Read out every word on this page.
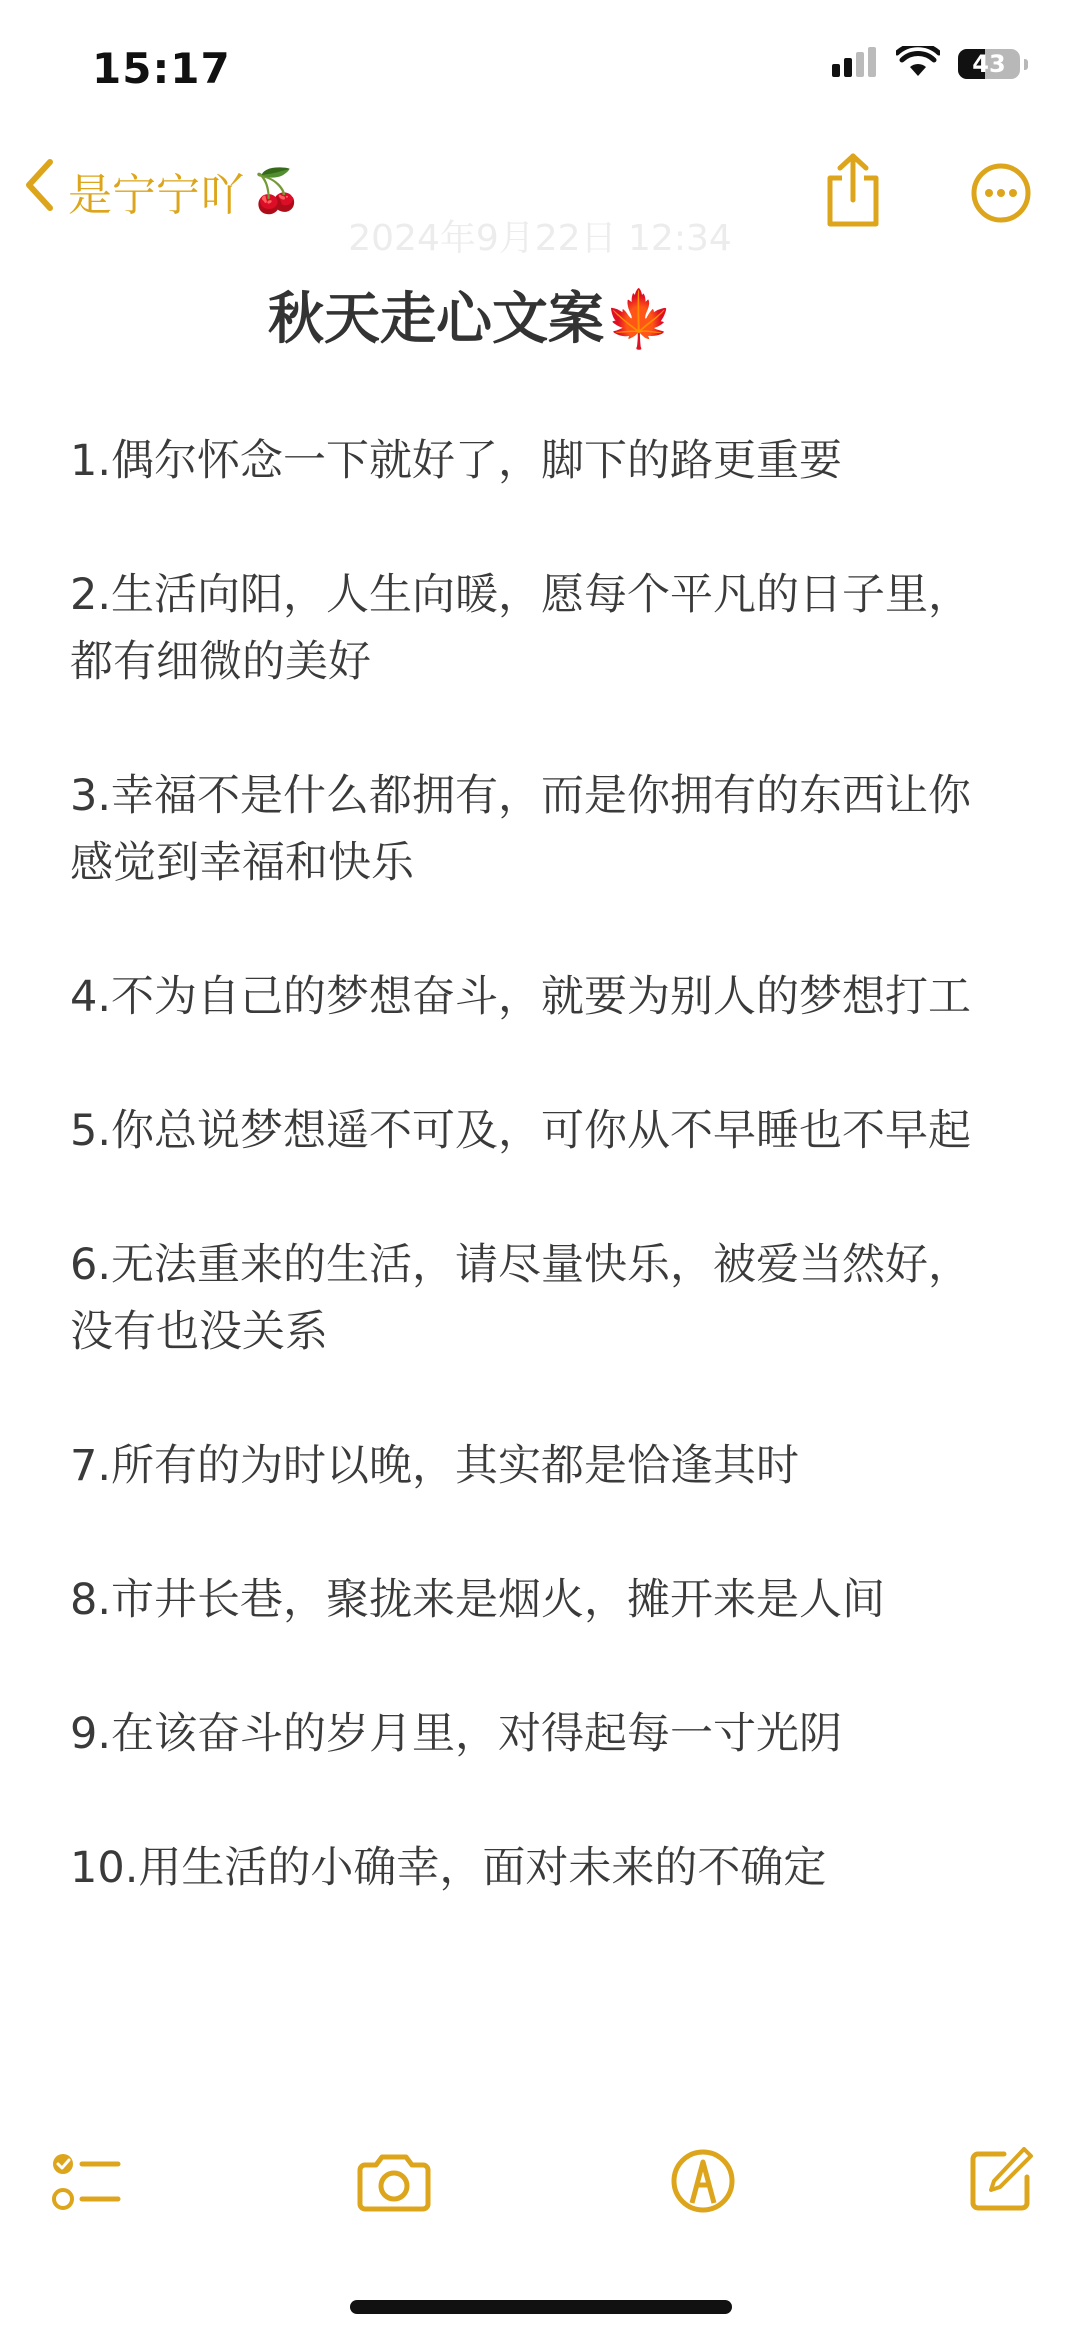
15:17	43
是宁宁吖 🍒
2024年9月22日 12:34
秋天走心文案🍁

1.偶尔怀念一下就好了，脚下的路更重要

2.生活向阳，人生向暖，愿每个平凡的日子里，都有细微的美好

3.幸福不是什么都拥有，而是你拥有的东西让你感觉到幸福和快乐

4.不为自己的梦想奋斗，就要为别人的梦想打工

5.你总说梦想遥不可及，可你从不早睡也不早起

6.无法重来的生活，请尽量快乐，被爱当然好，没有也没关系

7.所有的为时以晚，其实都是恰逢其时

8.市井长巷，聚拢来是烟火，摊开来是人间

9.在该奋斗的岁月里，对得起每一寸光阴

10.用生活的小确幸，面对未来的不确定
